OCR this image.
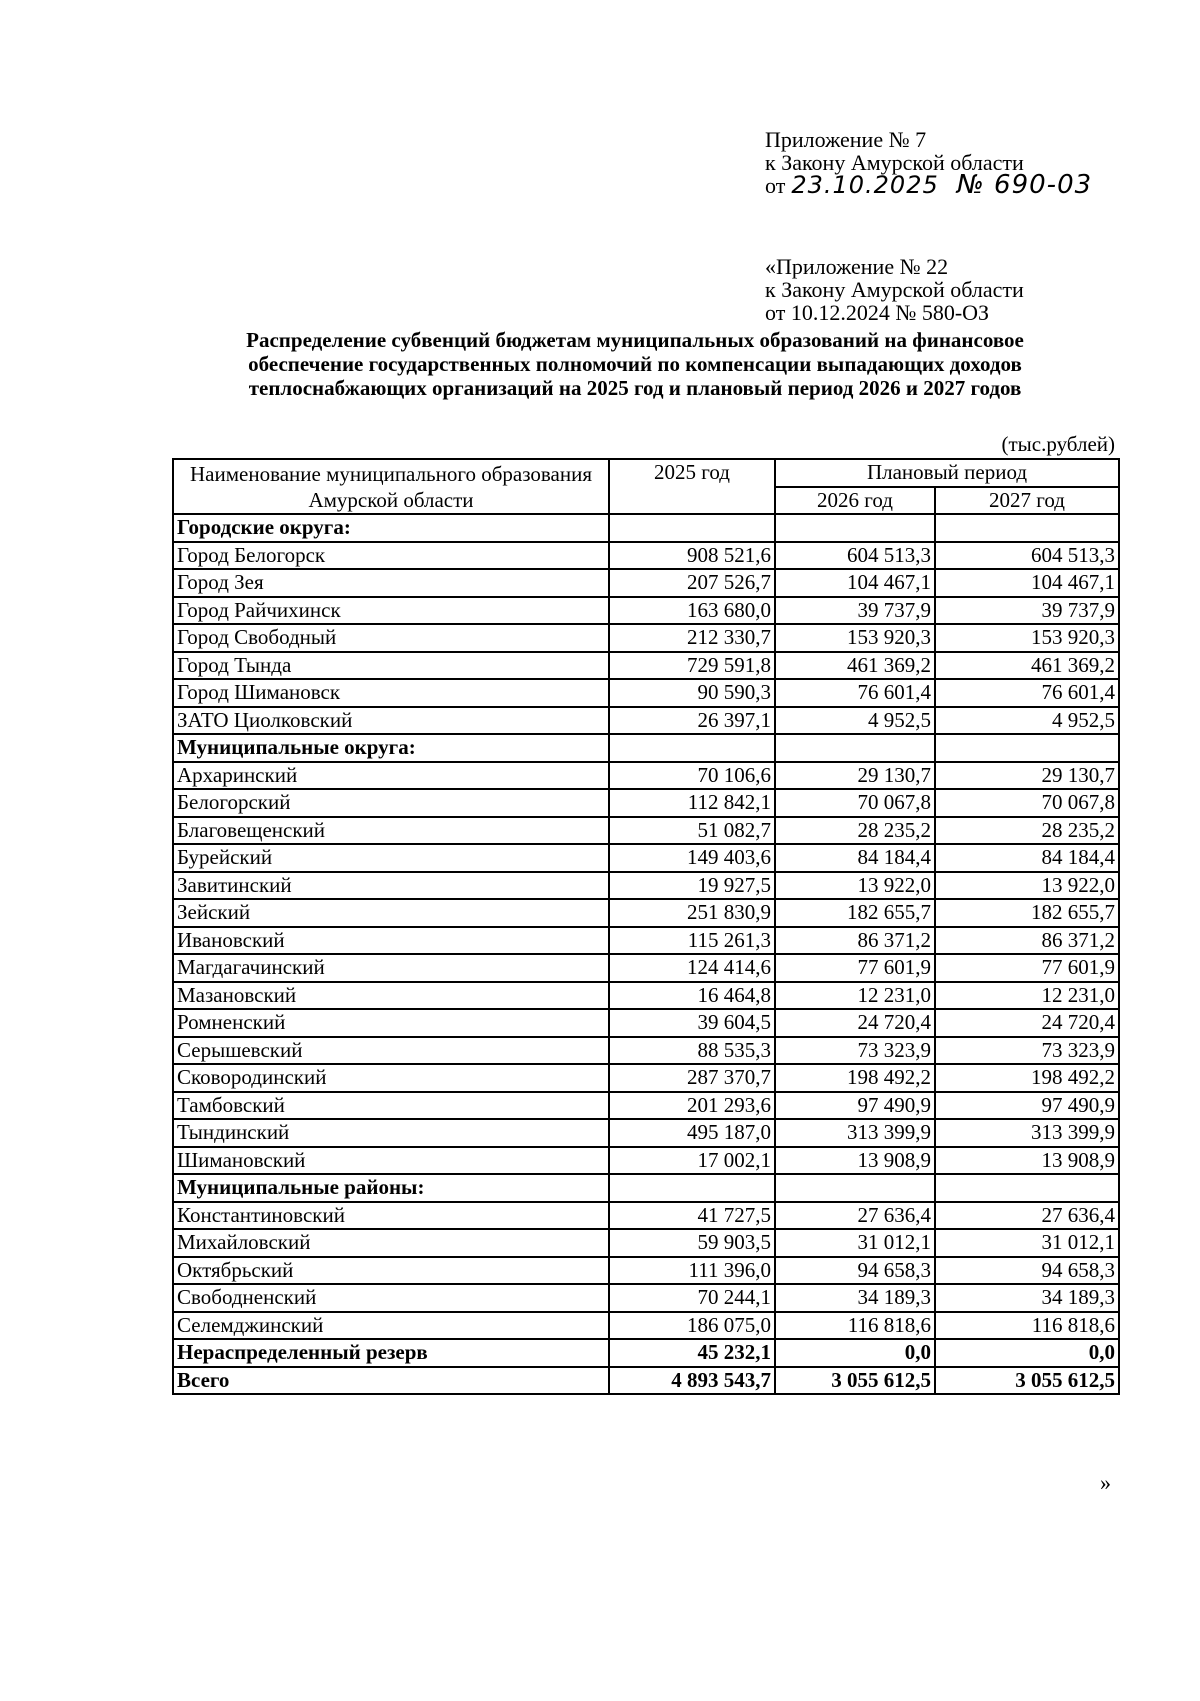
Приложение № 7
к Закону Амурской области
от 23.10.2025 № 690-03
«Приложение № 22
к Закону Амурской области
от 10.12.2024 № 580-ОЗ
Распределение субвенций бюджетам муниципальных образований на финансовое
обеспечение государственных полномочий по компенсации выпадающих доходов
теплоснабжающих организаций на 2025 год и плановый период 2026 и 2027 годов
(тыс.рублей)
Наименование муниципального образования Амурской области	2025 год	Плановый период	
		2026 год	2027 год
Городские округа:			
Город Белогорск	908 521,6	604 513,3	604 513,3
Город Зея	207 526,7	104 467,1	104 467,1
Город Райчихинск	163 680,0	39 737,9	39 737,9
Город Свободный	212 330,7	153 920,3	153 920,3
Город Тында	729 591,8	461 369,2	461 369,2
Город Шимановск	90 590,3	76 601,4	76 601,4
ЗАТО Циолковский	26 397,1	4 952,5	4 952,5
Муниципальные округа:			
Архаринский	70 106,6	29 130,7	29 130,7
Белогорский	112 842,1	70 067,8	70 067,8
Благовещенский	51 082,7	28 235,2	28 235,2
Бурейский	149 403,6	84 184,4	84 184,4
Завитинский	19 927,5	13 922,0	13 922,0
Зейский	251 830,9	182 655,7	182 655,7
Ивановский	115 261,3	86 371,2	86 371,2
Магдагачинский	124 414,6	77 601,9	77 601,9
Мазановский	16 464,8	12 231,0	12 231,0
Ромненский	39 604,5	24 720,4	24 720,4
Серышевский	88 535,3	73 323,9	73 323,9
Сковородинский	287 370,7	198 492,2	198 492,2
Тамбовский	201 293,6	97 490,9	97 490,9
Тындинский	495 187,0	313 399,9	313 399,9
Шимановский	17 002,1	13 908,9	13 908,9
Муниципальные районы:			
Константиновский	41 727,5	27 636,4	27 636,4
Михайловский	59 903,5	31 012,1	31 012,1
Октябрьский	111 396,0	94 658,3	94 658,3
Свободненский	70 244,1	34 189,3	34 189,3
Селемджинский	186 075,0	116 818,6	116 818,6
Нераспределенный резерв	45 232,1	0,0	0,0
Всего	4 893 543,7	3 055 612,5	3 055 612,5
»
